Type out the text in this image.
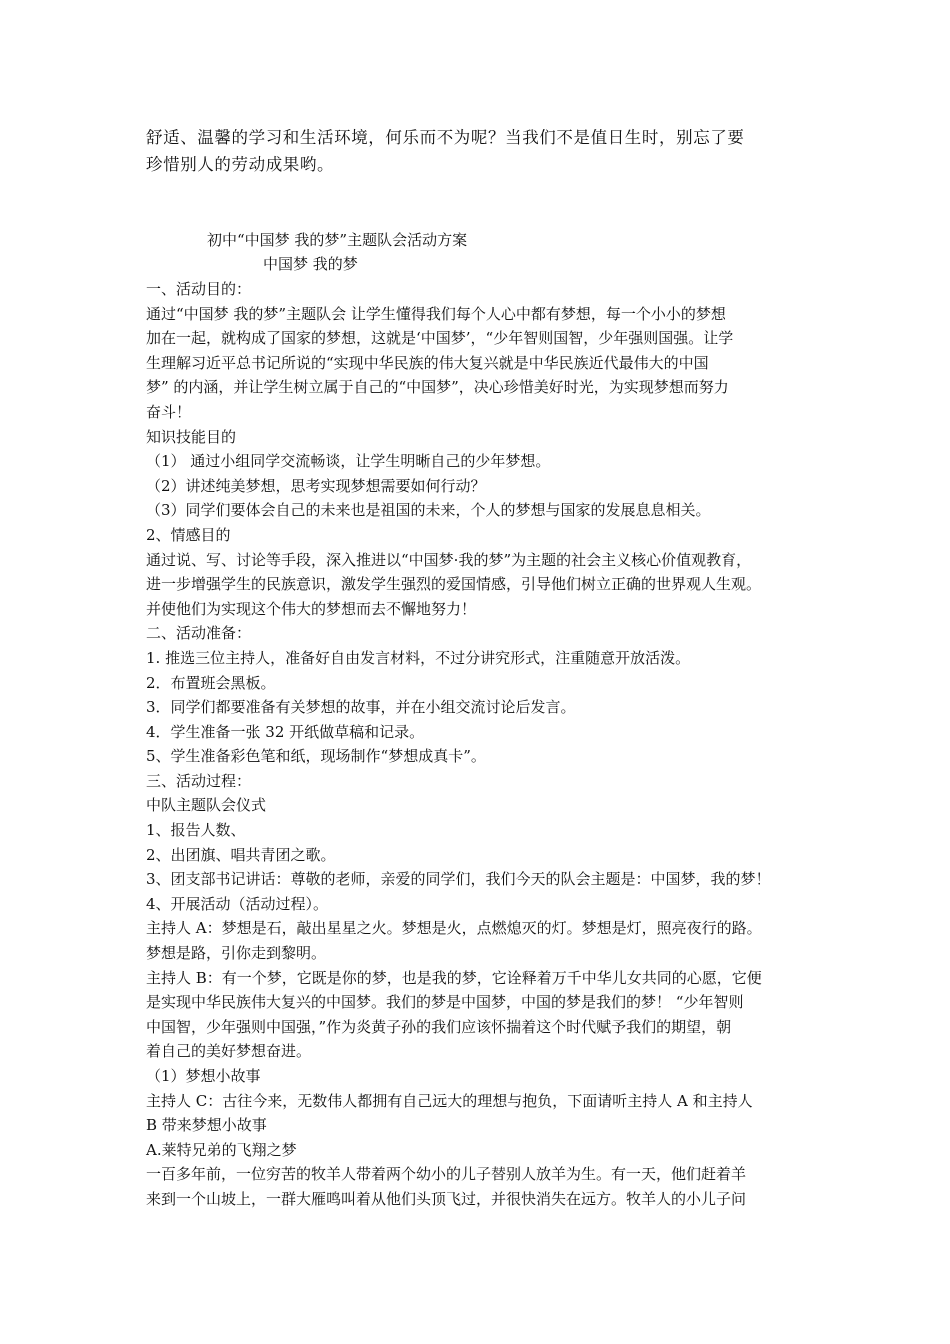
舒适、温馨的学习和生活环境，何乐而不为呢？当我们不是值日生时，别忘了要

珍惜别人的劳动成果哟。

初中“中国梦 我的梦”主题队会活动方案
中国梦 我的梦
一、活动目的：
通过“中国梦 我的梦”主题队会 让学生懂得我们每个人心中都有梦想，每一个小小的梦想
加在一起，就构成了国家的梦想，这就是‘中国梦’，“少年智则国智，少年强则国强。让学
生理解习近平总书记所说的“实现中华民族的伟大复兴就是中华民族近代最伟大的中国
梦” 的内涵，并让学生树立属于自己的“中国梦”，决心珍惜美好时光，为实现梦想而努力
奋斗！
知识技能目的
（1） 通过小组同学交流畅谈，让学生明晰自己的少年梦想。
（2）讲述纯美梦想，思考实现梦想需要如何行动？
（3）同学们要体会自己的未来也是祖国的未来，个人的梦想与国家的发展息息相关。
2、情感目的
通过说、写、讨论等手段，深入推进以“中国梦·我的梦”为主题的社会主义核心价值观教育，
进一步增强学生的民族意识，激发学生强烈的爱国情感，引导他们树立正确的世界观人生观。
并使他们为实现这个伟大的梦想而去不懈地努力！
二、活动准备：
1. 推选三位主持人，准备好自由发言材料，不过分讲究形式，注重随意开放活泼。
2．布置班会黑板。
3．同学们都要准备有关梦想的故事，并在小组交流讨论后发言。
4．学生准备一张 32 开纸做草稿和记录。
5、学生准备彩色笔和纸，现场制作“梦想成真卡”。
三、活动过程：
中队主题队会仪式
1、报告人数、
2、出团旗、唱共青团之歌。
3、团支部书记讲话：尊敬的老师，亲爱的同学们，我们今天的队会主题是：中国梦，我的梦！
4、开展活动（活动过程）。
主持人 A：梦想是石，敲出星星之火。梦想是火，点燃熄灭的灯。梦想是灯，照亮夜行的路。
梦想是路，引你走到黎明。
主持人 B：有一个梦，它既是你的梦，也是我的梦，它诠释着万千中华儿女共同的心愿，它便
是实现中华民族伟大复兴的中国梦。我们的梦是中国梦，中国的梦是我们的梦！ “少年智则
中国智，少年强则中国强，”作为炎黄子孙的我们应该怀揣着这个时代赋予我们的期望，朝
着自己的美好梦想奋进。
（1）梦想小故事
主持人 C：古往今来，无数伟人都拥有自己远大的理想与抱负，下面请听主持人 A 和主持人
B 带来梦想小故事
A.莱特兄弟的飞翔之梦
一百多年前，一位穷苦的牧羊人带着两个幼小的儿子替别人放羊为生。有一天，他们赶着羊
来到一个山坡上，一群大雁鸣叫着从他们头顶飞过，并很快消失在远方。牧羊人的小儿子问
